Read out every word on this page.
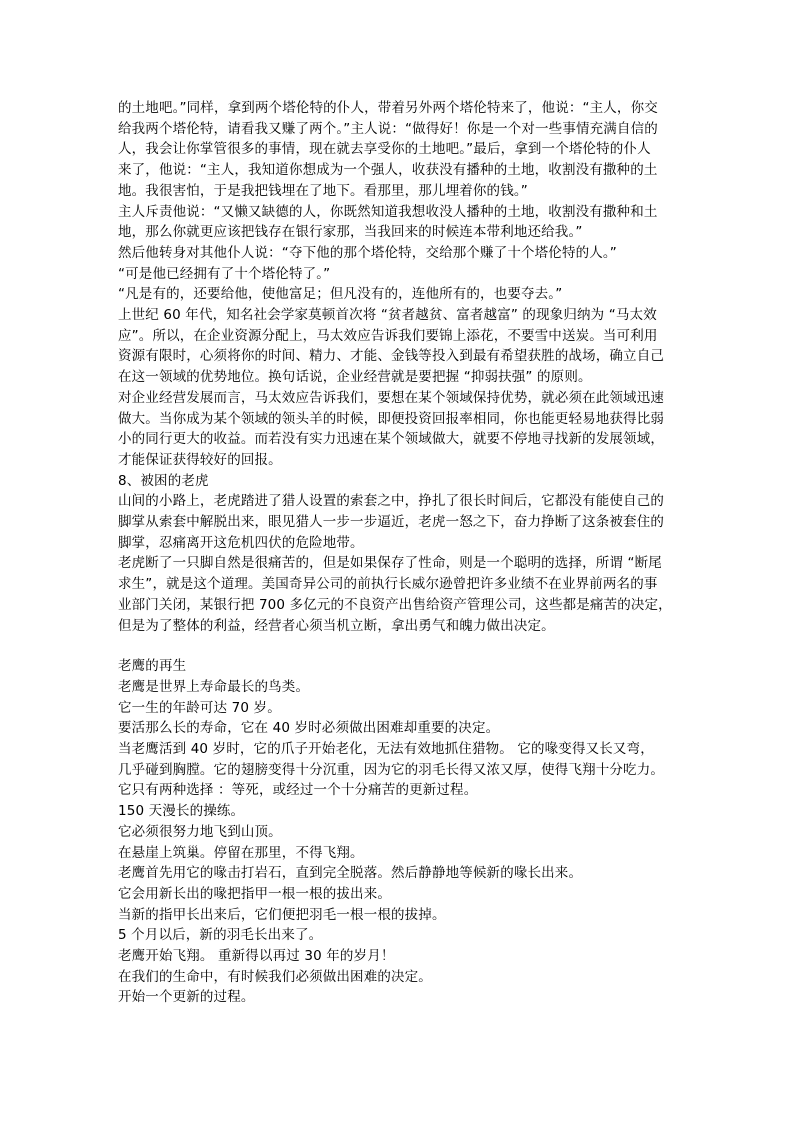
的土地吧。”同样，拿到两个塔伦特的仆人，带着另外两个塔伦特来了，他说：“主人，你交
给我两个塔伦特，请看我又赚了两个。”主人说：“做得好！你是一个对一些事情充满自信的
人，我会让你掌管很多的事情，现在就去享受你的土地吧。”最后，拿到一个塔伦特的仆人
来了，他说：“主人，我知道你想成为一个强人，收获没有播种的土地，收割没有撒种的土
地。我很害怕，于是我把钱埋在了地下。看那里，那儿埋着你的钱。”
主人斥责他说：“又懒又缺德的人，你既然知道我想收没人播种的土地，收割没有撒种和土
地，那么你就更应该把钱存在银行家那，当我回来的时候连本带利地还给我。”
然后他转身对其他仆人说：“夺下他的那个塔伦特，交给那个赚了十个塔伦特的人。”
“可是他已经拥有了十个塔伦特了。”
“凡是有的，还要给他，使他富足；但凡没有的，连他所有的，也要夺去。”
上世纪 60 年代，知名社会学家莫顿首次将 “贫者越贫、富者越富” 的现象归纳为 “马太效
应”。所以，在企业资源分配上，马太效应告诉我们要锦上添花，不要雪中送炭。当可利用
资源有限时，心须将你的时间、精力、才能、金钱等投入到最有希望获胜的战场，确立自己
在这一领域的优势地位。换句话说，企业经营就是要把握 “抑弱扶强” 的原则。
对企业经营发展而言，马太效应告诉我们，要想在某个领域保持优势，就必须在此领域迅速
做大。当你成为某个领域的领头羊的时候，即便投资回报率相同，你也能更轻易地获得比弱
小的同行更大的收益。而若没有实力迅速在某个领域做大，就要不停地寻找新的发展领域，
才能保证获得较好的回报。
8、被困的老虎
山间的小路上，老虎踏进了猎人设置的索套之中，挣扎了很长时间后，它都没有能使自己的
脚掌从索套中解脱出来，眼见猎人一步一步逼近，老虎一怒之下，奋力挣断了这条被套住的
脚掌，忍痛离开这危机四伏的危险地带。
老虎断了一只脚自然是很痛苦的，但是如果保存了性命，则是一个聪明的选择，所谓 “断尾
求生”，就是这个道理。美国奇异公司的前执行长威尔逊曾把许多业绩不在业界前两名的事
业部门关闭，某银行把 700 多亿元的不良资产出售给资产管理公司，这些都是痛苦的决定，
但是为了整体的利益，经营者心须当机立断，拿出勇气和魄力做出决定。
老鹰的再生
老鹰是世界上寿命最长的鸟类。
它一生的年龄可达 70 岁。
要活那么长的寿命，它在 40 岁时必须做出困难却重要的决定。
当老鹰活到 40 岁时，它的爪子开始老化，无法有效地抓住猎物。 它的喙变得又长又弯，
几乎碰到胸膛。它的翅膀变得十分沉重，因为它的羽毛长得又浓又厚，使得飞翔十分吃力。
它只有两种选择 ：等死，或经过一个十分痛苦的更新过程。
150 天漫长的操练。
它必须很努力地飞到山顶。
在悬崖上筑巢。停留在那里，不得飞翔。
老鹰首先用它的喙击打岩石，直到完全脱落。然后静静地等候新的喙长出来。
它会用新长出的喙把指甲一根一根的拔出来。
当新的指甲长出来后，它们便把羽毛一根一根的拔掉。
5 个月以后，新的羽毛长出来了。
老鹰开始飞翔。 重新得以再过 30 年的岁月！
在我们的生命中，有时候我们必须做出困难的决定。
开始一个更新的过程。
